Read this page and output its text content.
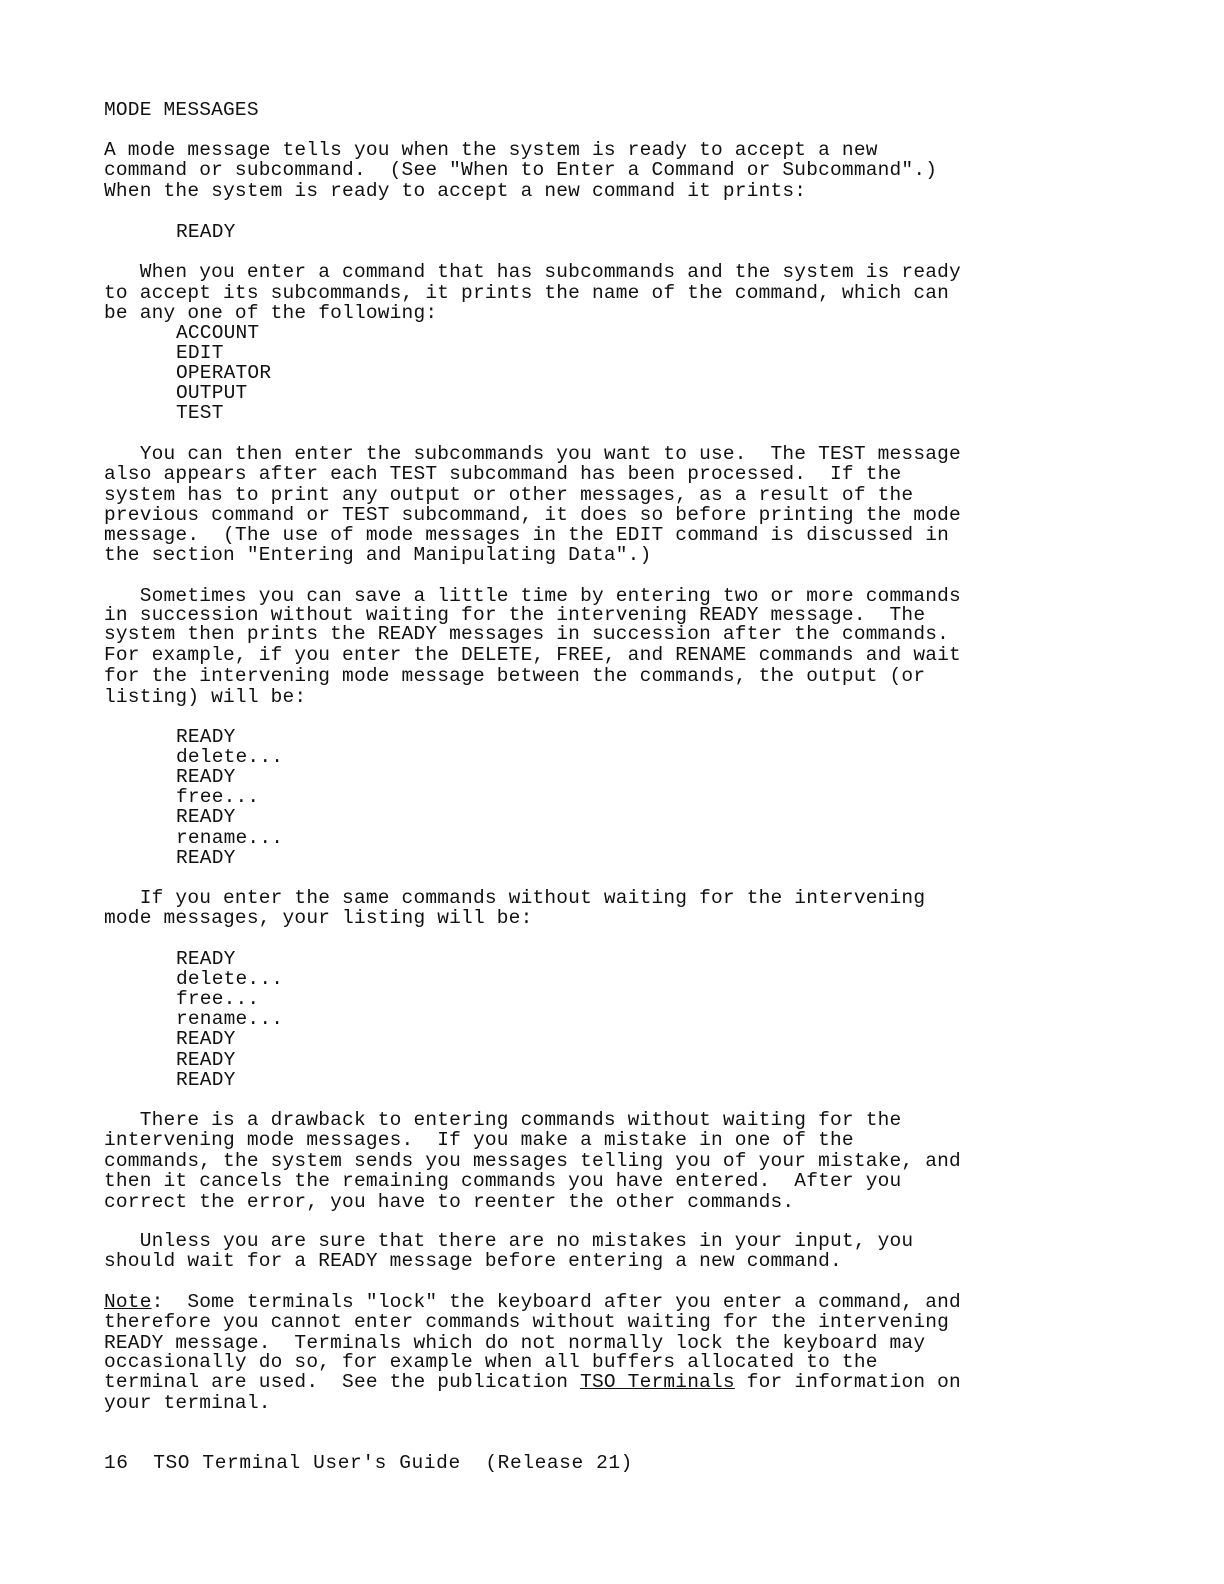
MODE MESSAGES
A mode message tells you when the system is ready to accept a new
command or subcommand.  (See "When to Enter a Command or Subcommand".)
When the system is ready to accept a new command it prints:
READY
When you enter a command that has subcommands and the system is ready
to accept its subcommands, it prints the name of the command, which can
be any one of the following:
ACCOUNT
EDIT
OPERATOR
OUTPUT
TEST
You can then enter the subcommands you want to use.  The TEST message
also appears after each TEST subcommand has been processed.  If the
system has to print any output or other messages, as a result of the
previous command or TEST subcommand, it does so before printing the mode
message.  (The use of mode messages in the EDIT command is discussed in
the section "Entering and Manipulating Data".)
Sometimes you can save a little time by entering two or more commands
in succession without waiting for the intervening READY message.  The
system then prints the READY messages in succession after the commands.
For example, if you enter the DELETE, FREE, and RENAME commands and wait
for the intervening mode message between the commands, the output (or
listing) will be:
READY
delete...
READY
free...
READY
rename...
READY
If you enter the same commands without waiting for the intervening
mode messages, your listing will be:
READY
delete...
free...
rename...
READY
READY
READY
There is a drawback to entering commands without waiting for the
intervening mode messages.  If you make a mistake in one of the
commands, the system sends you messages telling you of your mistake, and
then it cancels the remaining commands you have entered.  After you
correct the error, you have to reenter the other commands.
Unless you are sure that there are no mistakes in your input, you
should wait for a READY message before entering a new command.
Note:  Some terminals "lock" the keyboard after you enter a command, and
therefore you cannot enter commands without waiting for the intervening
READY message.  Terminals which do not normally lock the keyboard may
occasionally do so, for example when all buffers allocated to the
terminal are used.  See the publication TSO Terminals for information on
your terminal.
16  TSO Terminal User's Guide  (Release 21)
